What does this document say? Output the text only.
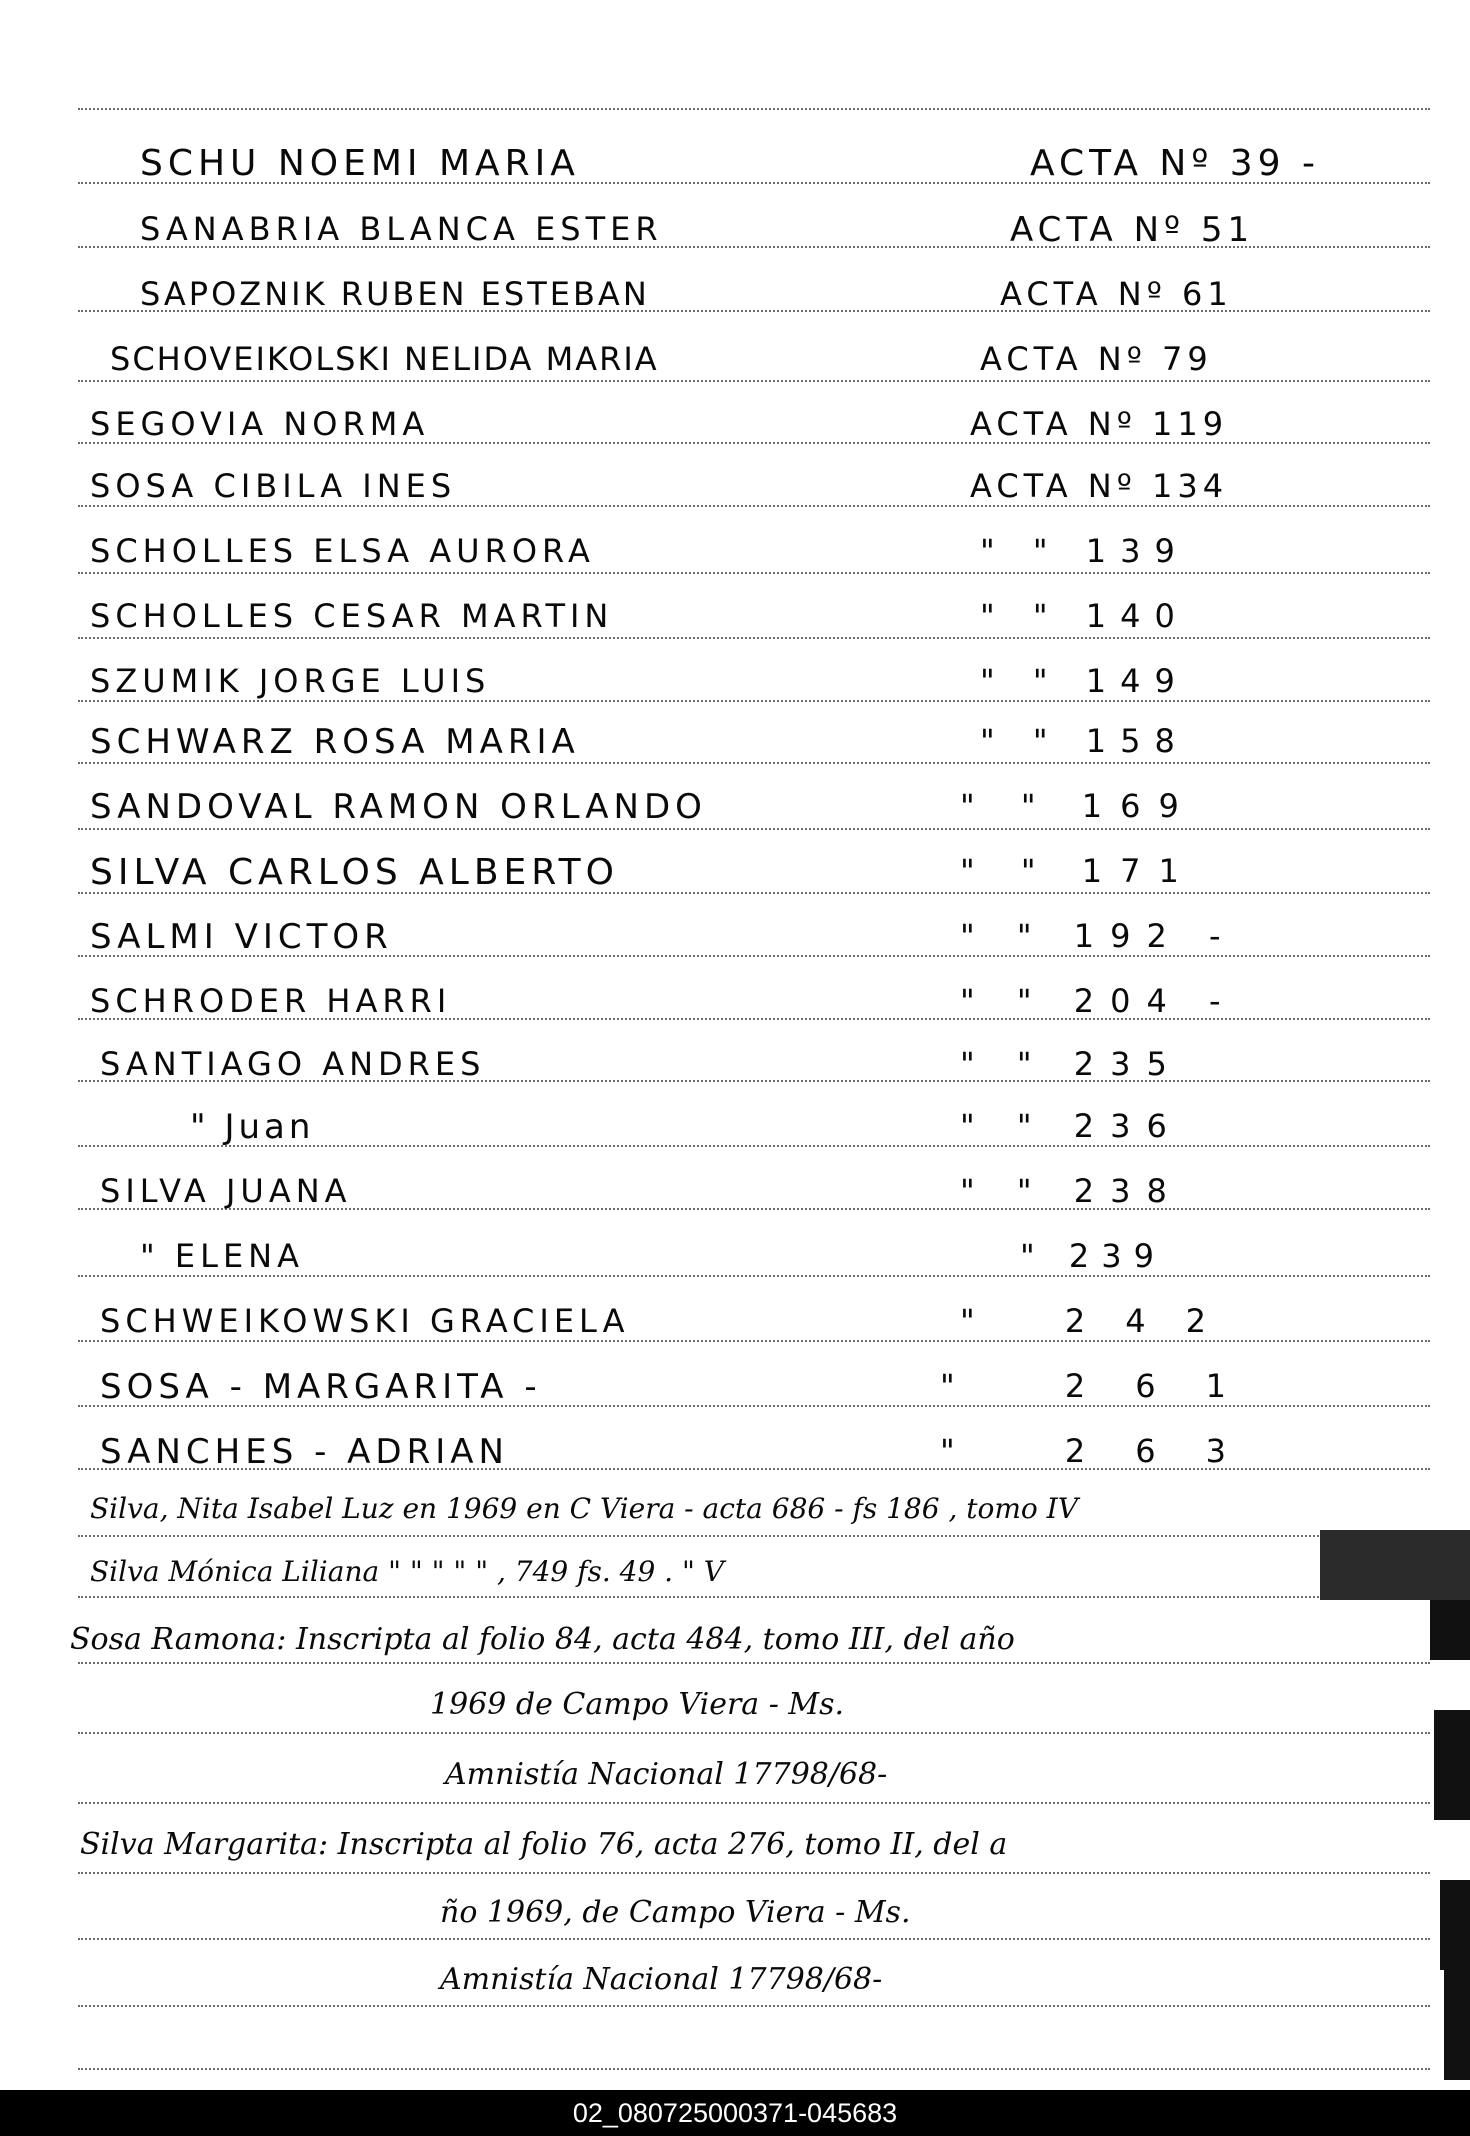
SCHU NOEMI MARIA
SANABRIA BLANCA ESTER
SAPOZNIK RUBEN ESTEBAN
SCHOVEIKOLSKI NELIDA MARIA
SEGOVIA NORMA
SOSA CIBILA INES
SCHOLLES ELSA AURORA
SCHOLLES CESAR MARTIN
SZUMIK JORGE LUIS
SCHWARZ ROSA MARIA
SANDOVAL RAMON ORLANDO
SILVA CARLOS ALBERTO
SALMI VICTOR
SCHRODER HARRI
SANTIAGO ANDRES
" Juan
SILVA JUANA
" ELENA
SCHWEIKOWSKI GRACIELA
SOSA - MARGARITA -
SANCHES - ADRIAN
ACTA Nº 39 -
ACTA Nº 51
ACTA Nº 61
ACTA Nº 79
ACTA Nº 119
ACTA Nº 134
" " 139
" " 140
" " 149
" " 158
" " 169
" " 171
" " 192 -
" " 204 -
" " 235
" " 236
" " 238
" 239
" 242
" 261
" 263
Silva, Nita Isabel Luz en 1969 en C Viera - acta 686 - fs 186 , tomo IV
Silva Mónica Liliana " " " " " , 749 fs. 49 . " V
Sosa Ramona: Inscripta al folio 84, acta 484, tomo III, del año
1969 de Campo Viera - Ms.
Amnistía Nacional 17798/68-
Silva Margarita: Inscripta al folio 76, acta 276, tomo II, del a
ño 1969, de Campo Viera - Ms.
Amnistía Nacional 17798/68-
02_080725000371-045683
